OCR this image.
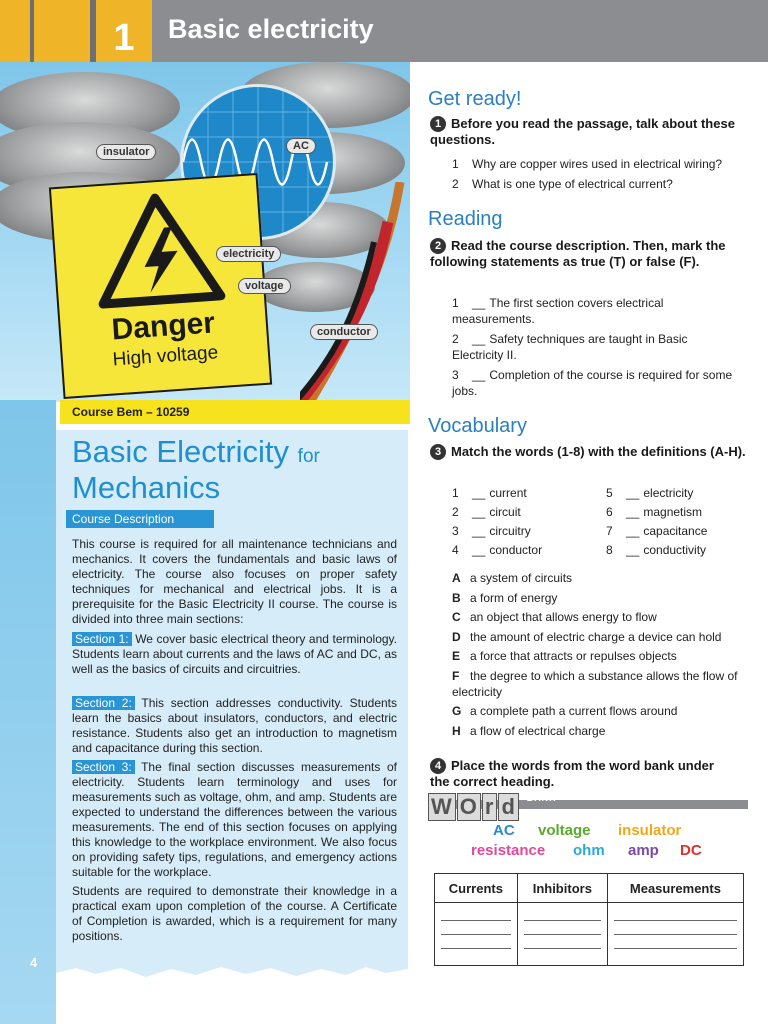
1	Basic electricity
Danger
High voltage
insulator	AC
electricity
voltage
conductor
Course Bem – 10259
Basic Electricity for
Mechanics
Course Description
This course is required for all maintenance technicians and mechanics. It covers the fundamentals and basic laws of electricity. The course also focuses on proper safety techniques for mechanical and electrical jobs. It is a prerequisite for the Basic Electricity II course. The course is divided into three main sections:
Section 1: We cover basic electrical theory and terminology. Students learn about currents and the laws of AC and DC, as well as the basics of circuits and circuitries.
Section 2: This section addresses conductivity. Students learn the basics about insulators, conductors, and electric resistance. Students also get an introduction to magnetism and capacitance during this section.
Section 3: The final section discusses measurements of electricity. Students learn terminology and uses for measurements such as voltage, ohm, and amp. Students are expected to understand the differences between the various measurements. The end of this section focuses on applying this knowledge to the workplace environment. We also focus on providing safety tips, regulations, and emergency actions suitable for the workplace.
Students are required to demonstrate their knowledge in a practical exam upon completion of the course. A Certificate of Completion is awarded, which is a requirement for many positions.
4
Get ready!
1 Before you read the passage, talk about these questions.
1 Why are copper wires used in electrical wiring?
2 What is one type of electrical current?
Reading
2 Read the course description. Then, mark the following statements as true (T) or false (F).
1 __ The first section covers electrical measurements.
2 __ Safety techniques are taught in Basic Electricity II.
3 __ Completion of the course is required for some jobs.
Vocabulary
3 Match the words (1-8) with the definitions (A-H).
1 __ current
2 __ circuit
3 __ circuitry
4 __ conductor
5 __ electricity
6 __ magnetism
7 __ capacitance
8 __ conductivity
A a system of circuits
B a form of energy
C an object that allows energy to flow
D the amount of electric charge a device can hold
E a force that attracts or repulses objects
F the degree to which a substance allows the flow of electricity
G a complete path a current flows around
H a flow of electrical charge
4 Place the words from the word bank under the correct heading.
W O r d $^{BANK}$
AC voltage insulator
resistance ohm amp DC
Currents	Inhibitors	Measurements
